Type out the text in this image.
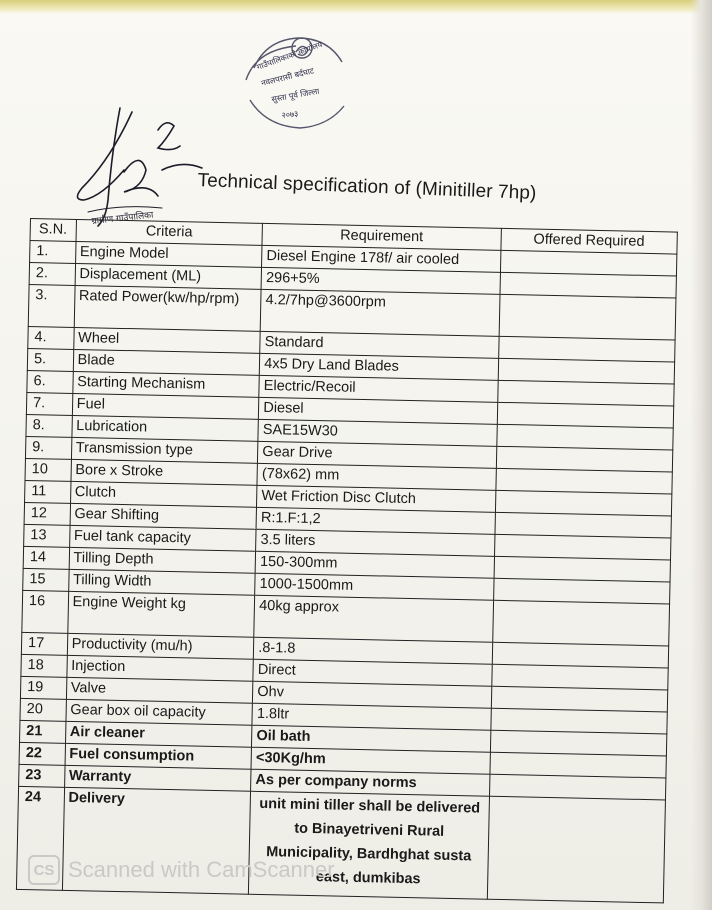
गाउँपालिकाको कार्यालय
नवलपरासी बर्दघाट
सुस्ता पूर्व जिल्ला
२०७३
ग्रामीण गाउँपालिका
Technical specification of (Minitiller 7hp)
S.N.	Criteria	Requirement	Offered Required
1.	Engine Model	Diesel Engine 178f/ air cooled	
2.	Displacement (ML)	296+5%	
3.	Rated Power(kw/hp/rpm)	4.2/7hp@3600rpm	
4.	Wheel	Standard	
5.	Blade	4x5 Dry Land Blades	
6.	Starting Mechanism	Electric/Recoil	
7.	Fuel	Diesel	
8.	Lubrication	SAE15W30	
9.	Transmission type	Gear Drive	
10	Bore x Stroke	(78x62) mm	
11	Clutch	Wet Friction Disc Clutch	
12	Gear Shifting	R:1.F:1,2	
13	Fuel tank capacity	3.5 liters	
14	Tilling Depth	150-300mm	
15	Tilling Width	1000-1500mm	
16	Engine Weight kg	40kg approx	
17	Productivity (mu/h)	.8-1.8	
18	Injection	Direct	
19	Valve	Ohv	
20	Gear box oil capacity	1.8ltr	
21	Air cleaner	Oil bath	
22	Fuel consumption	<30Kg/hm	
23	Warranty	As per company norms	
24	Delivery	unit mini tiller shall be delivered to Binayetriveni Rural Municipality, Bardhghat susta east, dumkibas	
CS Scanned with CamScanner
